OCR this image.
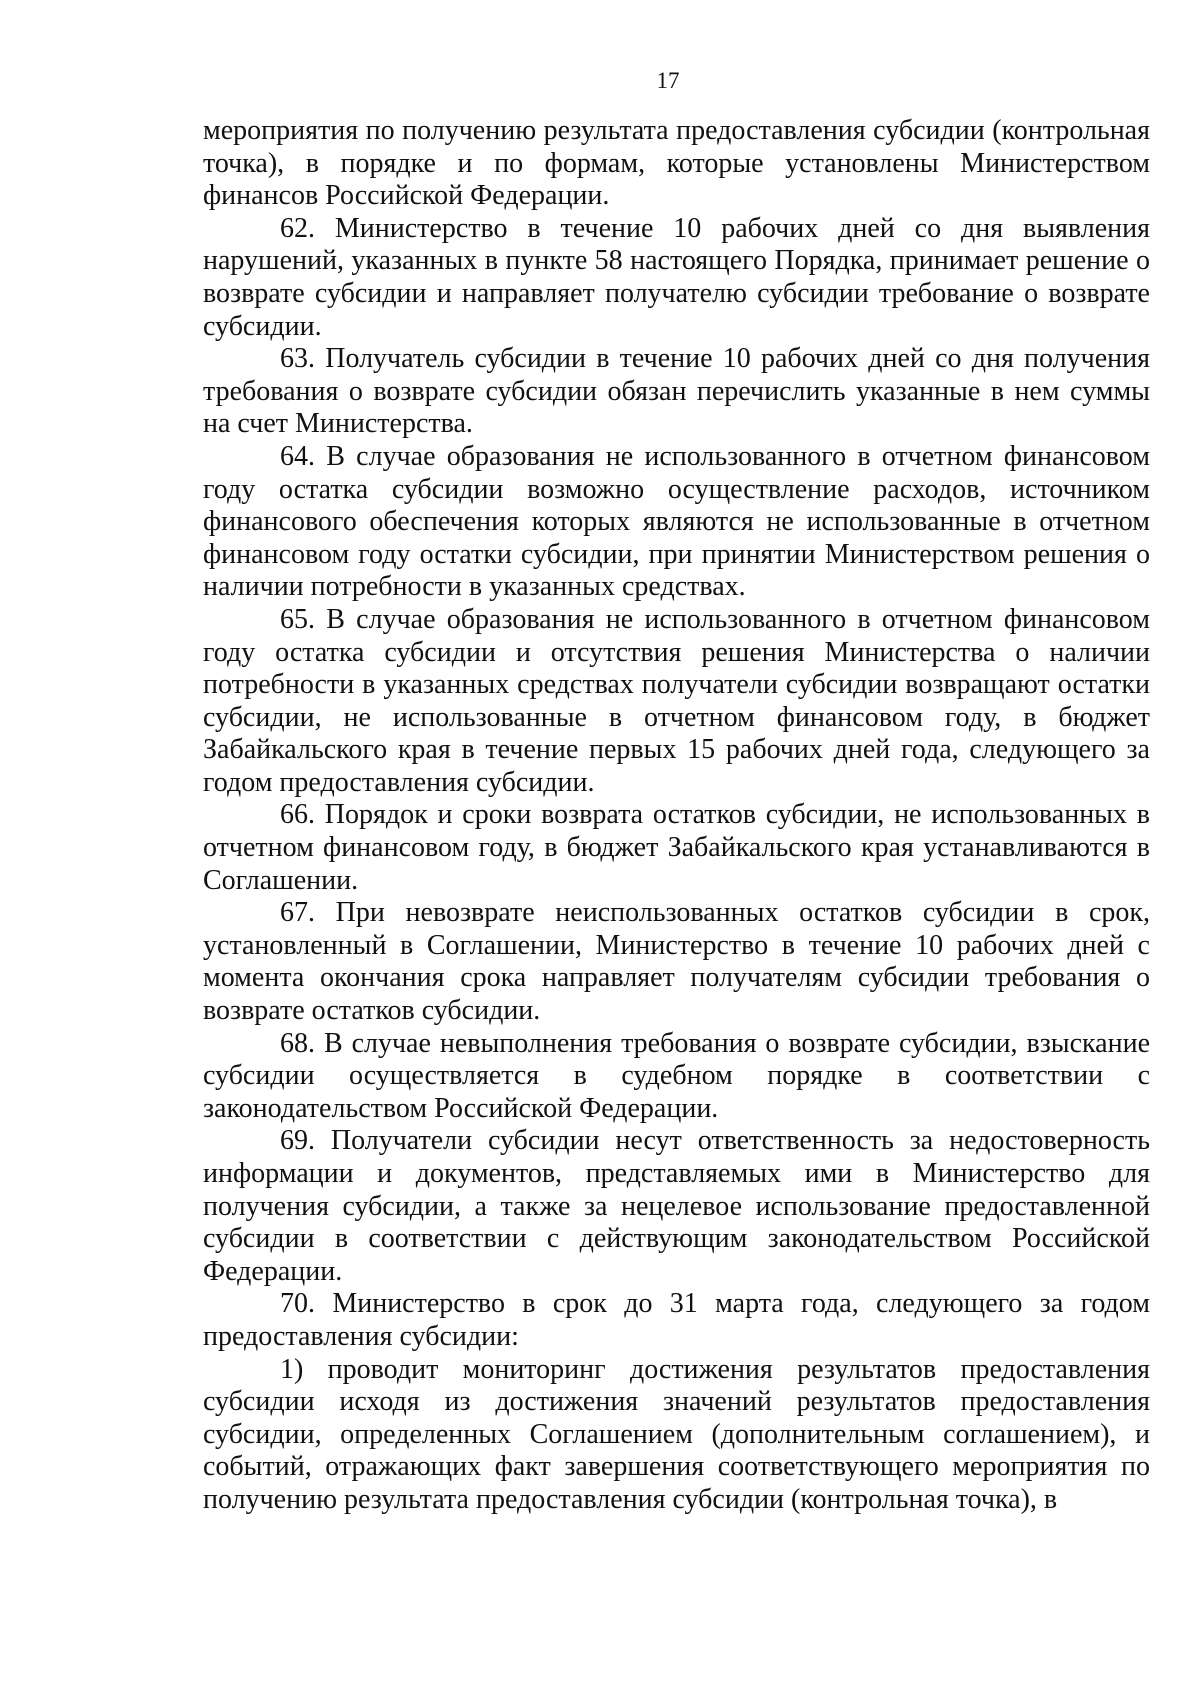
17

мероприятия по получению результата предоставления субсидии (контрольная точка), в порядке и по формам, которые установлены Министерством финансов Российской Федерации.

62. Министерство в течение 10 рабочих дней со дня выявления нарушений, указанных в пункте 58 настоящего Порядка, принимает решение о возврате субсидии и направляет получателю субсидии требование о возврате субсидии.

63. Получатель субсидии в течение 10 рабочих дней со дня получения требования о возврате субсидии обязан перечислить указанные в нем суммы на счет Министерства.

64. В случае образования не использованного в отчетном финансовом году остатка субсидии возможно осуществление расходов, источником финансового обеспечения которых являются не использованные в отчетном финансовом году остатки субсидии, при принятии Министерством решения о наличии потребности в указанных средствах.

65. В случае образования не использованного в отчетном финансовом году остатка субсидии и отсутствия решения Министерства о наличии потребности в указанных средствах получатели субсидии возвращают остатки субсидии, не использованные в отчетном финансовом году, в бюджет Забайкальского края в течение первых 15 рабочих дней года, следующего за годом предоставления субсидии.

66. Порядок и сроки возврата остатков субсидии, не использованных в отчетном финансовом году, в бюджет Забайкальского края устанавливаются в Соглашении.

67. При невозврате неиспользованных остатков субсидии в срок, установленный в Соглашении, Министерство в течение 10 рабочих дней с момента окончания срока направляет получателям субсидии требования о возврате остатков субсидии.

68. В случае невыполнения требования о возврате субсидии, взыскание субсидии осуществляется в судебном порядке в соответствии с законодательством Российской Федерации.

69. Получатели субсидии несут ответственность за недостоверность информации и документов, представляемых ими в Министерство для получения субсидии, а также за нецелевое использование предоставленной субсидии в соответствии с действующим законодательством Российской Федерации.

70. Министерство в срок до 31 марта года, следующего за годом предоставления субсидии:

1) проводит мониторинг достижения результатов предоставления субсидии исходя из достижения значений результатов предоставления субсидии, определенных Соглашением (дополнительным соглашением), и событий, отражающих факт завершения соответствующего мероприятия по получению результата предоставления субсидии (контрольная точка), в
